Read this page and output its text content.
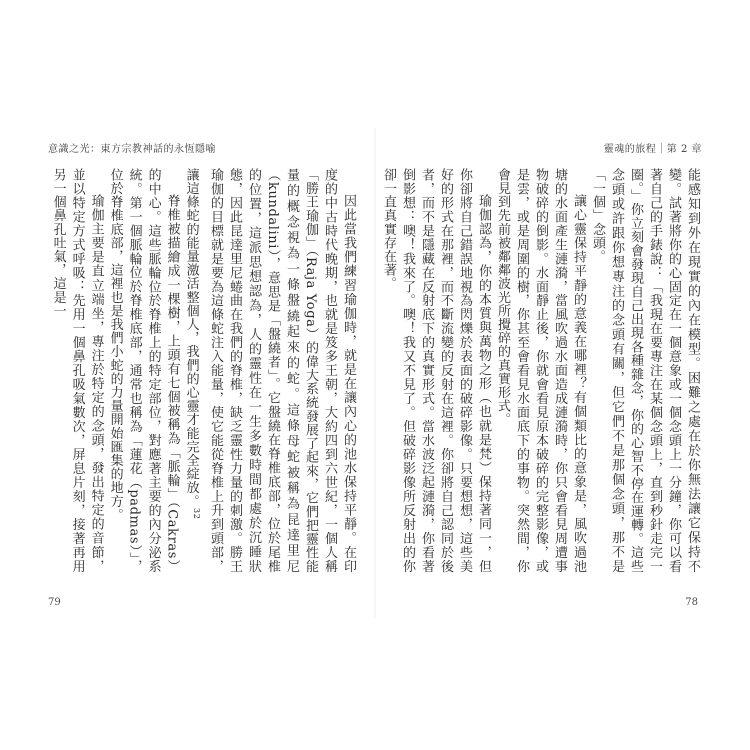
意識之光：東方宗教神話的永恆隱喻	靈魂的旅程｜第 2 章

能感知到外在現實的內在模型。困難之處在於你無法讓它保持不變。試著將你的心固定在一個意象或一個念頭上一分鐘，你可以看著自己的手錶說：「我現在要專注在某個念頭上，直到秒針走完一圈。」你立刻會發現自己出現各種雜念，你的心智不停在運轉。這些念頭或許跟你想專注的念頭有關，但它們不是那個念頭，那不是「一個」念頭。

讓心靈保持平靜的意義在哪裡？有個類比的意象是，風吹過池塘的水面產生漣漪，當風吹過水面造成漣漪時，你只會看見周遭事物破碎的倒影。水面靜止後，你就會看見原本破碎的完整影像，或是雲，或是周圍的樹，你甚至會看見水面底下的事物。突然間，你會見到先前被鄰鄰波光所攪碎的真實形式。

瑜伽認為，你的本質與萬物之形（也就是梵）保持著同一，但你卻將自己錯誤地視為閃爍於表面的破碎影像。只要想想，這些美好的形式在那裡，而不斷流變的反射在這裡。你卻將自己認同於後者，而不是隱藏在反射底下的真實形式。當水波泛起漣漪，你看著倒影想：噢！我來了。噢！我又不見了。但破碎影像所反射出的你卻一直真實存在著。

因此當我們練習瑜伽時，就是在讓內心的池水保持平靜。在印度的中古時代晚期，也就是笈多王朝，大約四到六世紀，一個人稱「勝王瑜伽」（Raja Yoga）的偉大系統發展了起來，它們把靈性能量的概念視為一條盤繞起來的蛇。這條母蛇被稱為昆達里尼（kundalini），意思是「盤繞者」。它盤繞在脊椎底部，位於尾椎的位置，這派思想認為，人的靈性在一生多數時間都處於沉睡狀態，因此昆達里尼蜷曲在我們的脊椎，缺乏靈性力量的刺激。勝王瑜伽的目標就是要為這條蛇注入能量，使它能從脊椎上升到頭部，讓這條蛇的能量激活整個人，我們的心靈才能完全綻放。$^{32}$

脊椎被描繪成一棵樹，上頭有七個被稱為「脈輪」（Cakras）的中心。這些脈輪位於脊椎上的特定部位，對應著主要的內分泌系統。第一個脈輪位於脊椎底部，通常也稱為「蓮花（padmas）」，位於脊椎底部，這裡也是我們小蛇的力量開始匯集的地方。

瑜伽主要是直立端坐，專注於特定的念頭，發出特定的音節，並以特定方式呼吸：先用一個鼻孔吸氣數次，屏息片刻，接著再用另一個鼻孔吐氣，這是一

79	78
